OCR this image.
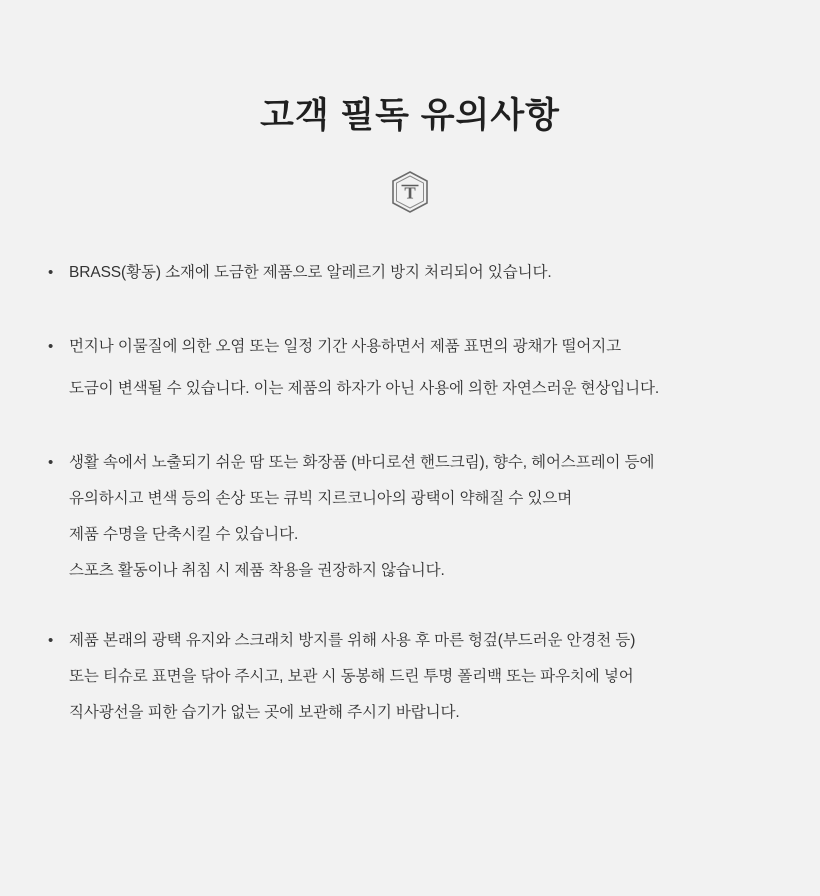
고객 필독 유의사항
T
• BRASS(황동) 소재에 도금한 제품으로 알레르기 방지 처리되어 있습니다.
• 먼지나 이물질에 의한 오염 또는 일정 기간 사용하면서 제품 표면의 광채가 떨어지고
도금이 변색될 수 있습니다. 이는 제품의 하자가 아닌 사용에 의한 자연스러운 현상입니다.
• 생활 속에서 노출되기 쉬운 땀 또는 화장품 (바디로션 핸드크림), 향수, 헤어스프레이 등에
유의하시고 변색 등의 손상 또는 큐빅 지르코니아의 광택이 약해질 수 있으며
제품 수명을 단축시킬 수 있습니다.
스포츠 활동이나 취침 시 제품 착용을 권장하지 않습니다.
• 제품 본래의 광택 유지와 스크래치 방지를 위해 사용 후 마른 헝겊(부드러운 안경천 등)
또는 티슈로 표면을 닦아 주시고, 보관 시 동봉해 드린 투명 폴리백 또는 파우치에 넣어
직사광선을 피한 습기가 없는 곳에 보관해 주시기 바랍니다.
